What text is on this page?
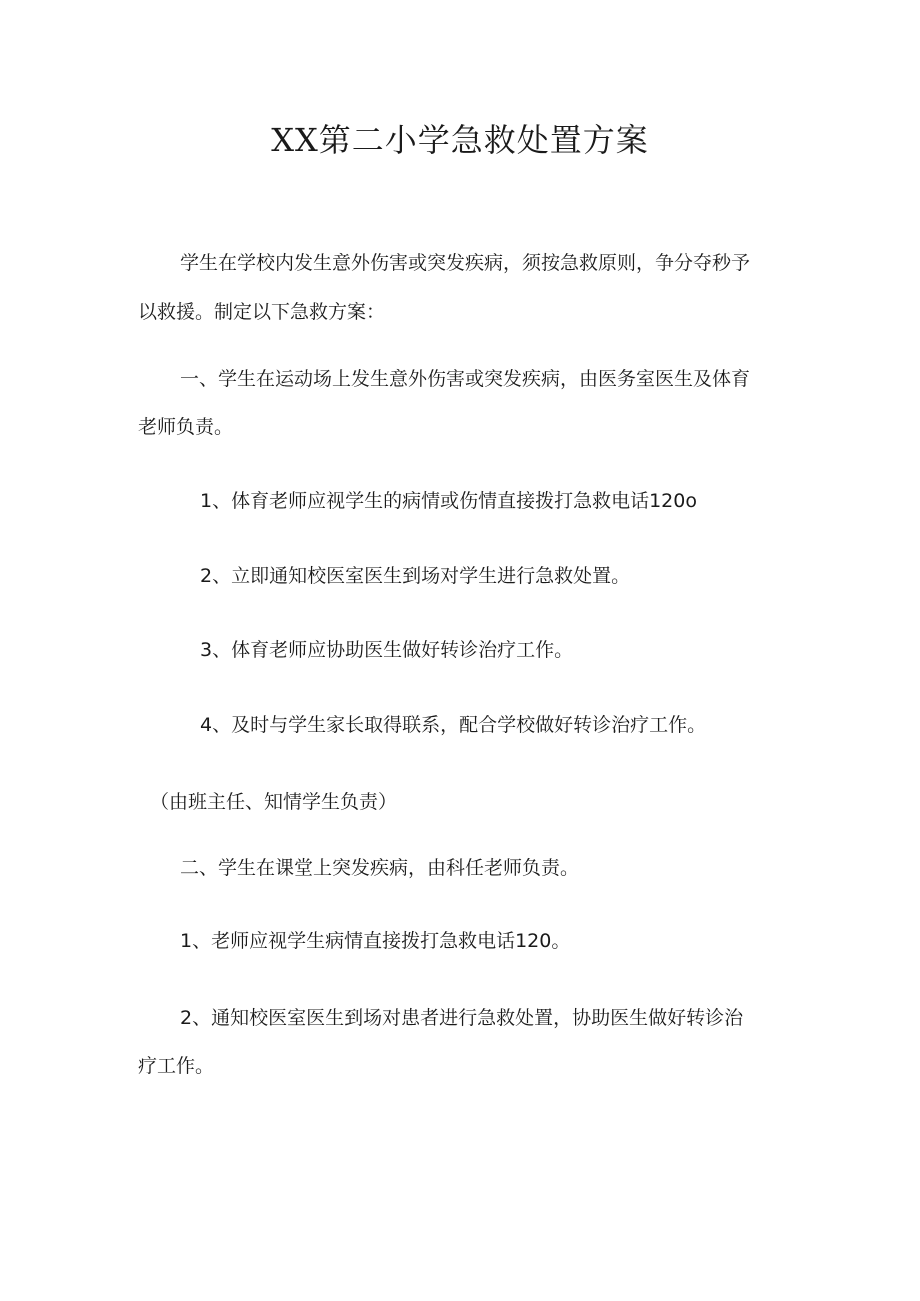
XX第二小学急救处置方案

学生在学校内发生意外伤害或突发疾病，须按急救原则，争分夺秒予

以救援。制定以下急救方案：

一、学生在运动场上发生意外伤害或突发疾病，由医务室医生及体育

老师负责。

1、体育老师应视学生的病情或伤情直接拨打急救电话120o

2、立即通知校医室医生到场对学生进行急救处置。

3、体育老师应协助医生做好转诊治疗工作。

4、及时与学生家长取得联系，配合学校做好转诊治疗工作。

（由班主任、知情学生负责）

二、学生在课堂上突发疾病，由科任老师负责。

1、老师应视学生病情直接拨打急救电话120。

2、通知校医室医生到场对患者进行急救处置，协助医生做好转诊治

疗工作。
